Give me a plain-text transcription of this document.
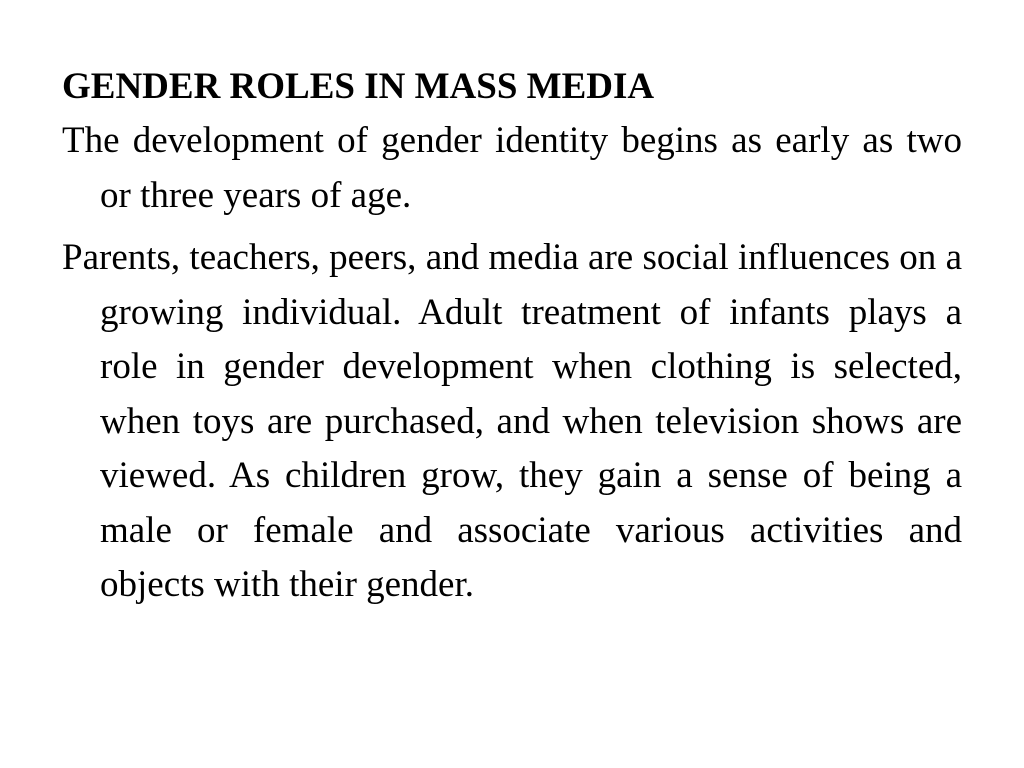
GENDER ROLES IN MASS MEDIA

The development of gender identity begins as early as two or three years of age.

Parents, teachers, peers, and media are social influences on a growing individual. Adult treatment of infants plays a role in gender development when clothing is selected, when toys are purchased, and when television shows are viewed. As children grow, they gain a sense of being a male or female and associate various activities and objects with their gender.
